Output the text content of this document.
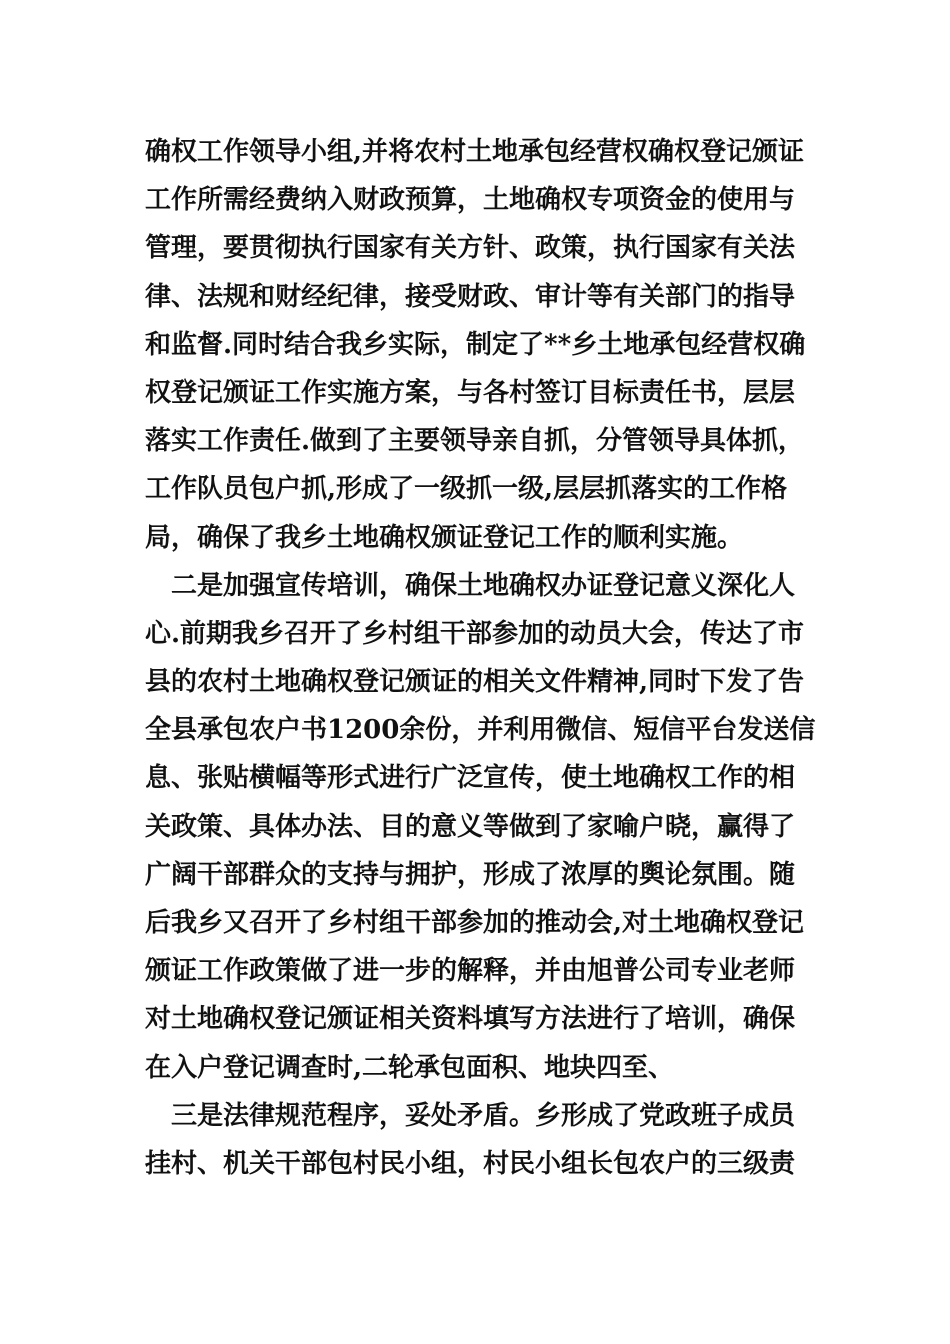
确权工作领导小组,并将农村土地承包经营权确权登记颁证
工作所需经费纳入财政预算，土地确权专项资金的使用与
管理，要贯彻执行国家有关方针、政策，执行国家有关法
律、法规和财经纪律，接受财政、审计等有关部门的指导
和监督.同时结合我乡实际，制定了**乡土地承包经营权确
权登记颁证工作实施方案，与各村签订目标责任书，层层
落实工作责任.做到了主要领导亲自抓，分管领导具体抓，
工作队员包户抓,形成了一级抓一级,层层抓落实的工作格
局，确保了我乡土地确权颁证登记工作的顺利实施。
二是加强宣传培训，确保土地确权办证登记意义深化人
心.前期我乡召开了乡村组干部参加的动员大会，传达了市
县的农村土地确权登记颁证的相关文件精神,同时下发了告
全县承包农户书1200余份，并利用微信、短信平台发送信
息、张贴横幅等形式进行广泛宣传，使土地确权工作的相
关政策、具体办法、目的意义等做到了家喻户晓，赢得了
广阔干部群众的支持与拥护，形成了浓厚的舆论氛围。随
后我乡又召开了乡村组干部参加的推动会,对土地确权登记
颁证工作政策做了进一步的解释，并由旭普公司专业老师
对土地确权登记颁证相关资料填写方法进行了培训，确保
在入户登记调查时,二轮承包面积、地块四至、
三是法律规范程序，妥处矛盾。乡形成了党政班子成员
挂村、机关干部包村民小组，村民小组长包农户的三级责
